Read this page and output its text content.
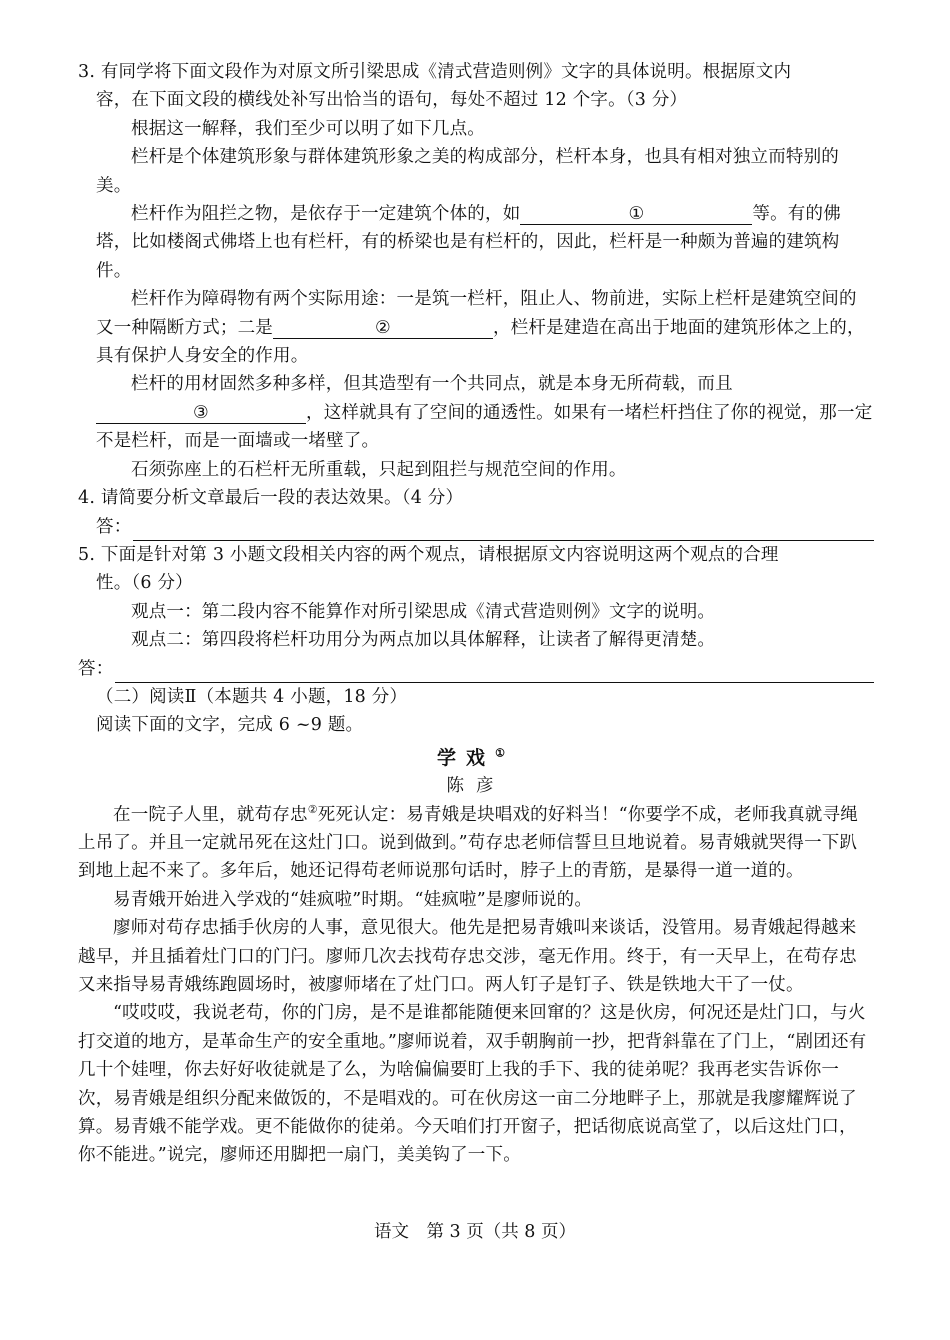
3. 有同学将下面文段作为对原文所引梁思成《清式营造则例》文字的具体说明。根据原文内

容，在下面文段的横线处补写出恰当的语句，每处不超过 12 个字。（3 分）

根据这一解释，我们至少可以明了如下几点。

栏杆是个体建筑形象与群体建筑形象之美的构成部分，栏杆本身，也具有相对独立而特别的美。

栏杆作为阻拦之物，是依存于一定建筑个体的，如	①	等。有的佛塔，比如楼阁式佛塔上也有栏杆，有的桥梁也是有栏杆的，因此，栏杆是一种颇为普遍的建筑构件。

栏杆作为障碍物有两个实际用途：一是筑一栏杆，阻止人、物前进，实际上栏杆是建筑空间的又一种隔断方式；二是	②	，栏杆是建造在高出于地面的建筑形体之上的，具有保护人身安全的作用。

栏杆的用材固然多种多样，但其造型有一个共同点，就是本身无所荷载，而且③	，这样就具有了空间的通透性。如果有一堵栏杆挡住了你的视觉，那一定不是栏杆，而是一面墙或一堵壁了。

石须弥座上的石栏杆无所重载，只起到阻拦与规范空间的作用。

4. 请简要分析文章最后一段的表达效果。（4 分）

答：

5. 下面是针对第 3 小题文段相关内容的两个观点，请根据原文内容说明这两个观点的合理

性。（6 分）

观点一：第二段内容不能算作对所引梁思成《清式营造则例》文字的说明。

观点二：第四段将栏杆功用分为两点加以具体解释，让读者了解得更清楚。

答：

（二）阅读Ⅱ（本题共 4 小题，18 分）

阅读下面的文字，完成 6 ~9 题。

学戏①

陈彦

在一院子人里，就苟存忠②死死认定：易青娥是块唱戏的好料当！“你要学不成，老师我真就寻绳上吊了。并且一定就吊死在这灶门口。说到做到。”苟存忠老师信誓旦旦地说着。易青娥就哭得一下趴到地上起不来了。多年后，她还记得苟老师说那句话时，脖子上的青筋，是暴得一道一道的。

易青娥开始进入学戏的“娃疯啦”时期。“娃疯啦”是廖师说的。

廖师对苟存忠插手伙房的人事，意见很大。他先是把易青娥叫来谈话，没管用。易青娥起得越来越早，并且插着灶门口的门闩。廖师几次去找苟存忠交涉，毫无作用。终于，有一天早上，在苟存忠又来指导易青娥练跑圆场时，被廖师堵在了灶门口。两人钉子是钉子、铁是铁地大干了一仗。

“哎哎哎，我说老苟，你的门房，是不是谁都能随便来回窜的？这是伙房，何况还是灶门口，与火打交道的地方，是革命生产的安全重地。”廖师说着，双手朝胸前一抄，把背斜靠在了门上，“剧团还有几十个娃哩，你去好好收徒就是了么，为啥偏偏要盯上我的手下、我的徒弟呢？我再老实告诉你一次，易青娥是组织分配来做饭的，不是唱戏的。可在伙房这一亩二分地畔子上，那就是我廖耀辉说了算。易青娥不能学戏。更不能做你的徒弟。今天咱们打开窗子，把话彻底说高堂了，以后这灶门口，你不能进。”说完，廖师还用脚把一扇门，美美钩了一下。

语文　第 3 页（共 8 页）
